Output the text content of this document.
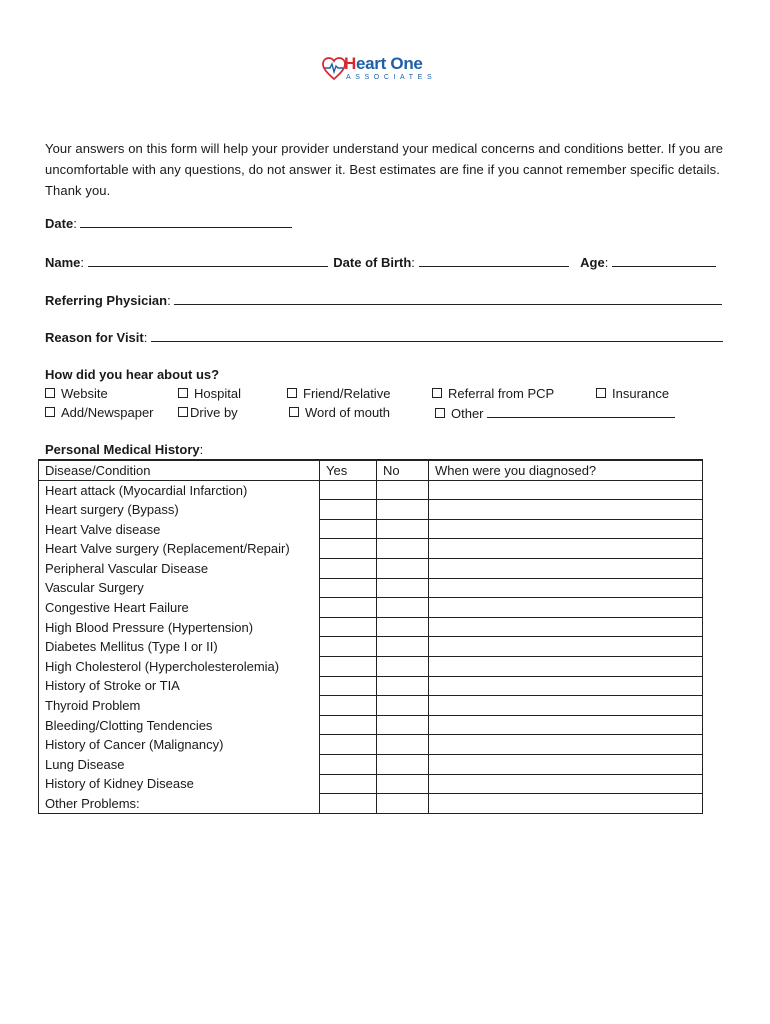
Heart One
ASSOCIATES
Your answers on this form will help your provider understand your medical concerns and conditions better. If you are uncomfortable with any questions, do not answer it. Best estimates are fine if you cannot remember specific details. Thank you.
Date:
Name:	Date of Birth:	Age:
Referring Physician:
Reason for Visit:
How did you hear about us?
Website	Hospital	Friend/Relative	Referral from PCP	Insurance
Add/Newspaper	Drive by	Word of mouth	Other
Personal Medical History:
Disease/Condition	Yes	No	When were you diagnosed?
Heart attack (Myocardial Infarction)			
Heart surgery (Bypass)			
Heart Valve disease			
Heart Valve surgery (Replacement/Repair)			
Peripheral Vascular Disease			
Vascular Surgery			
Congestive Heart Failure			
High Blood Pressure (Hypertension)			
Diabetes Mellitus (Type I or II)			
High Cholesterol (Hypercholesterolemia)			
History of Stroke or TIA			
Thyroid Problem			
Bleeding/Clotting Tendencies			
History of Cancer (Malignancy)			
Lung Disease			
History of Kidney Disease			
Other Problems:			
